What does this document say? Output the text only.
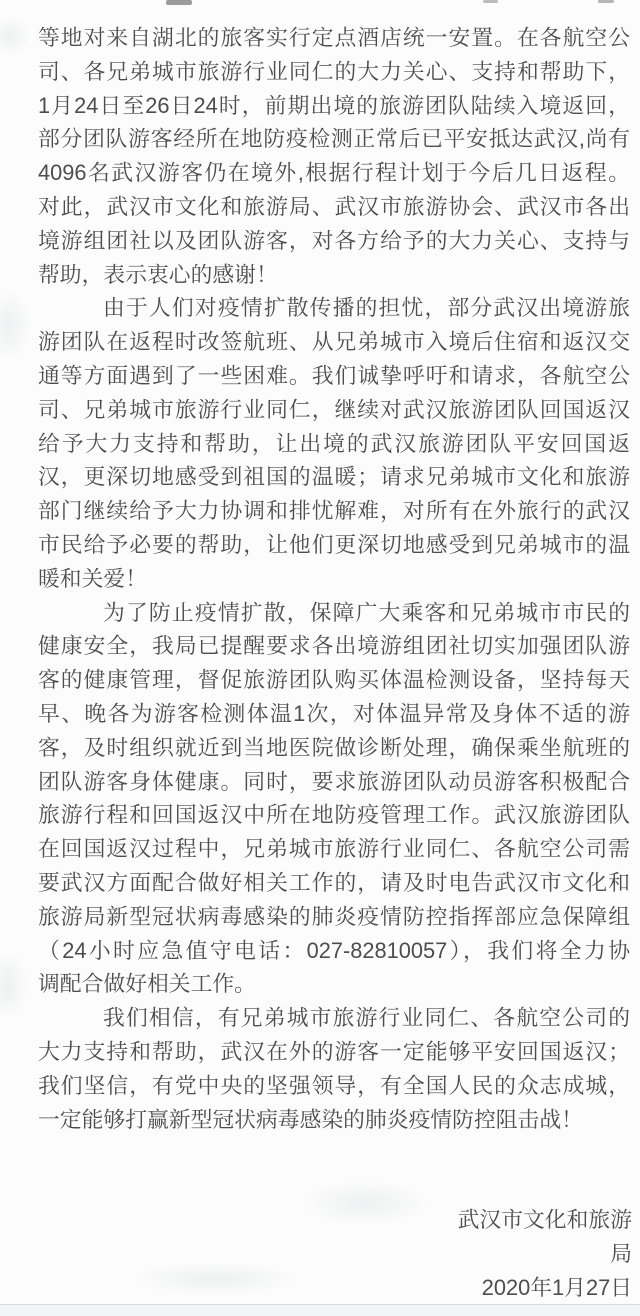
等地对来自湖北的旅客实行定点酒店统一安置。在各航空公
司、各兄弟城市旅游行业同仁的大力关心、支持和帮助下，
1月24日至26日24时，前期出境的旅游团队陆续入境返回，
部分团队游客经所在地防疫检测正常后已平安抵达武汉,尚有
4096名武汉游客仍在境外,根据行程计划于今后几日返程。
对此，武汉市文化和旅游局、武汉市旅游协会、武汉市各出
境游组团社以及团队游客，对各方给予的大力关心、支持与
帮助，表示衷心的感谢！
由于人们对疫情扩散传播的担忧，部分武汉出境游旅
游团队在返程时改签航班、从兄弟城市入境后住宿和返汉交
通等方面遇到了一些困难。我们诚挚呼吁和请求，各航空公
司、兄弟城市旅游行业同仁，继续对武汉旅游团队回国返汉
给予大力支持和帮助，让出境的武汉旅游团队平安回国返
汉，更深切地感受到祖国的温暖；请求兄弟城市文化和旅游
部门继续给予大力协调和排忧解难，对所有在外旅行的武汉
市民给予必要的帮助，让他们更深切地感受到兄弟城市的温
暖和关爱！
为了防止疫情扩散，保障广大乘客和兄弟城市市民的
健康安全，我局已提醒要求各出境游组团社切实加强团队游
客的健康管理，督促旅游团队购买体温检测设备，坚持每天
早、晚各为游客检测体温1次，对体温异常及身体不适的游
客，及时组织就近到当地医院做诊断处理，确保乘坐航班的
团队游客身体健康。同时，要求旅游团队动员游客积极配合
旅游行程和回国返汉中所在地防疫管理工作。武汉旅游团队
在回国返汉过程中，兄弟城市旅游行业同仁、各航空公司需
要武汉方面配合做好相关工作的，请及时电告武汉市文化和
旅游局新型冠状病毒感染的肺炎疫情防控指挥部应急保障组
（24小时应急值守电话：027-82810057），我们将全力协
调配合做好相关工作。
我们相信，有兄弟城市旅游行业同仁、各航空公司的
大力支持和帮助，武汉在外的游客一定能够平安回国返汉；
我们坚信，有党中央的坚强领导，有全国人民的众志成城，
一定能够打赢新型冠状病毒感染的肺炎疫情防控阻击战！
武汉市文化和旅游局
2020年1月27日
